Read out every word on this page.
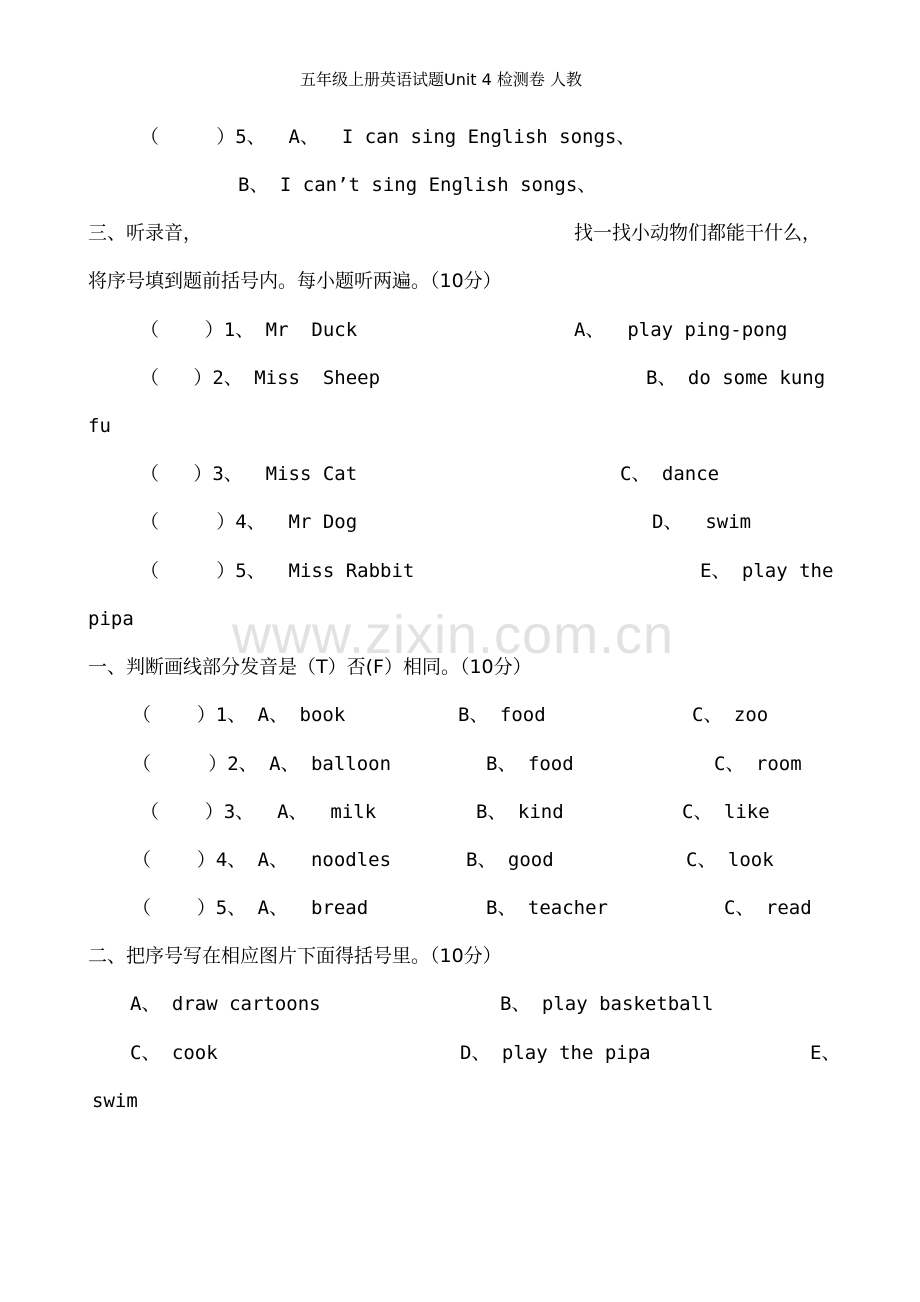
五年级上册英语试题Unit 4 检测卷 人教
www.zixin.com.cn
（     ）5、  A、  I can sing English songs、
B、 I can’t sing English songs、
三、听录音，	找一找小动物们都能干什么，
将序号填到题前括号内。每小题听两遍。（10分）
（    ）1、 Mr  Duck	A、  play ping-pong
（   ）2、 Miss  Sheep	B、 do some kung
fu
（   ）3、  Miss Cat	C、 dance
（     ）4、  Mr Dog	D、  swim
（     ）5、  Miss Rabbit	E、 play the
pipa
一、判断画线部分发音是（T）否(F）相同。（10分）
（    ）1、 A、 book	B、 food	C、 zoo
（     ）2、 A、 balloon	B、 food	C、 room
（    ）3、  A、  milk	B、 kind	C、 like
（    ）4、 A、  noodles	B、 good	C、 look
（    ）5、 A、  bread	B、 teacher	C、 read
二、把序号写在相应图片下面得括号里。（10分）
A、 draw cartoons	B、 play basketball
C、 cook	D、 play the pipa	E、
swim
